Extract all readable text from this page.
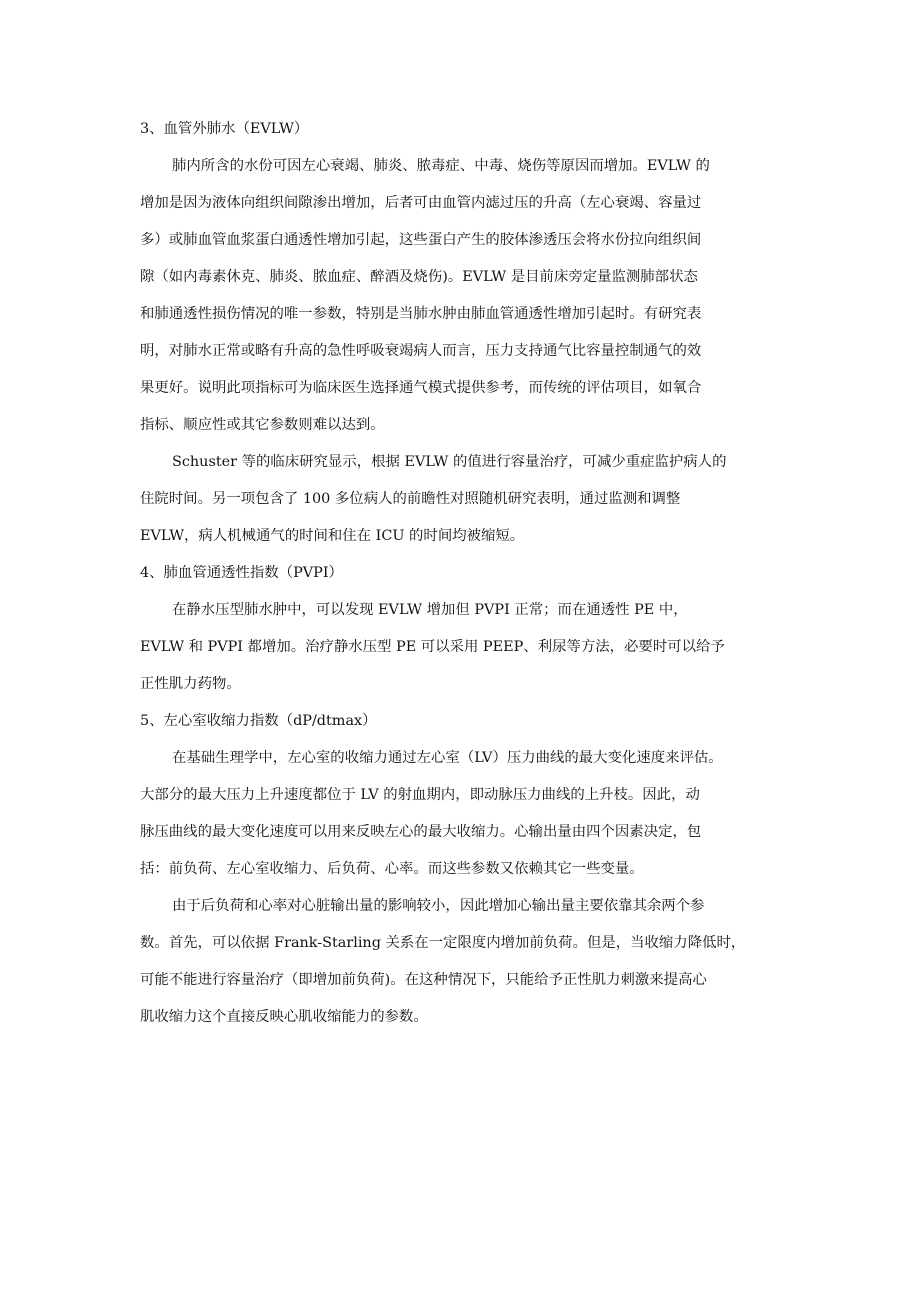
3、血管外肺水（EVLW）
肺内所含的水份可因左心衰竭、肺炎、脓毒症、中毒、烧伤等原因而增加。EVLW 的
增加是因为液体向组织间隙渗出增加，后者可由血管内滤过压的升高（左心衰竭、容量过
多）或肺血管血浆蛋白通透性增加引起，这些蛋白产生的胶体渗透压会将水份拉向组织间
隙（如内毒素休克、肺炎、脓血症、醉酒及烧伤)。EVLW 是目前床旁定量监测肺部状态
和肺通透性损伤情况的唯一参数，特别是当肺水肿由肺血管通透性增加引起时。有研究表
明，对肺水正常或略有升高的急性呼吸衰竭病人而言，压力支持通气比容量控制通气的效
果更好。说明此项指标可为临床医生选择通气模式提供参考，而传统的评估项目，如氧合
指标、顺应性或其它参数则难以达到。
Schuster 等的临床研究显示，根据 EVLW 的值进行容量治疗，可减少重症监护病人的
住院时间。另一项包含了 100 多位病人的前瞻性对照随机研究表明，通过监测和调整
EVLW，病人机械通气的时间和住在 ICU 的时间均被缩短。
4、肺血管通透性指数（PVPI）
在静水压型肺水肿中，可以发现 EVLW 增加但 PVPI 正常；而在通透性 PE 中，
EVLW 和 PVPI 都增加。治疗静水压型 PE 可以采用 PEEP、利尿等方法，必要时可以给予
正性肌力药物。
5、左心室收缩力指数（dP/dtmax）
在基础生理学中，左心室的收缩力通过左心室（LV）压力曲线的最大变化速度来评估。
大部分的最大压力上升速度都位于 LV 的射血期内，即动脉压力曲线的上升枝。因此，动
脉压曲线的最大变化速度可以用来反映左心的最大收缩力。心输出量由四个因素决定，包
括：前负荷、左心室收缩力、后负荷、心率。而这些参数又依赖其它一些变量。
由于后负荷和心率对心脏输出量的影响较小，因此增加心输出量主要依靠其余两个参
数。首先，可以依据 Frank-Starling 关系在一定限度内增加前负荷。但是，当收缩力降低时，
可能不能进行容量治疗（即增加前负荷)。在这种情况下，只能给予正性肌力刺激来提高心
肌收缩力这个直接反映心肌收缩能力的参数。
